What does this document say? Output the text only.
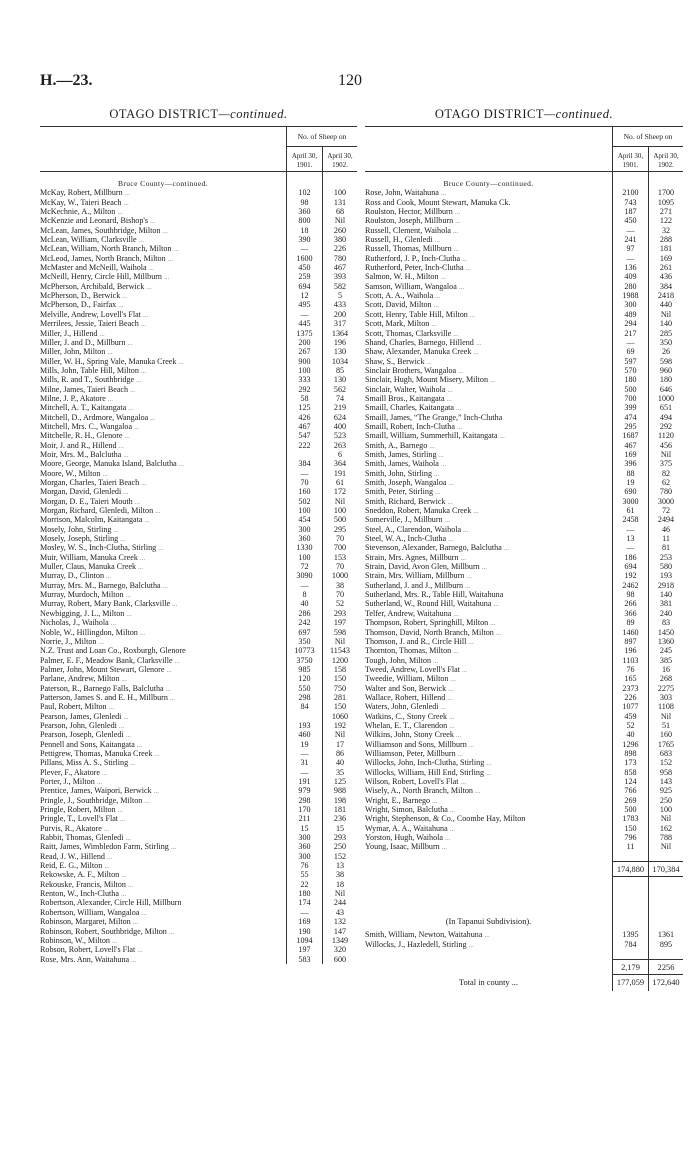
H.—23.	120
OTAGO DISTRICT—continued.
No. of Sheep on
April 30, 1901.
April 30, 1902.
Bruce County—continued.
McKay, Robert, Millburn ...
McKay, W., Taieri Beach ...
McKechnie, A., Milton ...
McKenzie and Leonard, Bishop's ...
McLean, James, Southbridge, Milton ...
McLean, William, Clarksville ...
McLean, William, North Branch, Milton ...
McLeod, James, North Branch, Milton ...
McMaster and McNeill, Waihola ...
McNeill, Henry, Circle Hill, Millburn ...
McPherson, Archibald, Berwick ...
McPherson, D., Berwick ...
McPherson, D., Fairfax ...
Melville, Andrew, Lovell's Flat ...
Merrilees, Jessie, Taieri Beach ...
Miller, J., Hillend ...
Miller, J. and D., Millburn ...
Miller, John, Milton ...
Miller, W. H., Spring Vale, Manuka Creek ...
Mills, John, Table Hill, Milton ...
Mills, R. and T., Southbridge ...
Milne, James, Taieri Beach ...
Milne, J. P., Akatore ...
Mitchell, A. T., Kaitangata ...
Mitchell, D., Ardmore, Wangaloa ...
Mitchell, Mrs. C., Wangaloa ...
Mitchelle, R. H., Glenore ...
Moir, J. and R., Hillend ...
Moir, Mrs. M., Balclutha ...
Moore, George, Manuka Island, Balclutha ...
Moore, W., Milton ...
Morgan, Charles, Taieri Beach ...
Morgan, David, Glenledi ...
Morgan, D. E., Taieri Mouth ...
Morgan, Richard, Glenledi, Milton ...
Morrison, Malcolm, Kaitangata ...
Mosely, John, Stirling ...
Mosely, Joseph, Stirling ...
Mosley, W. S., Inch-Clutha, Stirling ...
Muir, William, Manuka Creek ...
Muller, Claus, Manuka Creek ...
Murray, D., Clinton ...
Murray, Mrs. M., Barnego, Balclutha ...
Murray, Murdoch, Milton ...
Murray, Robert, Mary Bank, Clarksville ...
Newbigging, J. L., Milton ...
Nicholas, J., Waihola ...
Noble, W., Hillingdon, Milton ...
Norrie, J., Milton ...
N.Z. Trust and Loan Co., Roxburgh, Glenore
Palmer, E. F., Meadow Bank, Clarksville ...
Palmer, John, Mount Stewart, Glenore ...
Parlane, Andrew, Milton ...
Paterson, R., Barnego Falls, Balclutha ...
Patterson, James S. and E. H., Millburn ...
Paul, Robert, Milton ...
Pearson, James, Glenledi ...
Pearson, John, Glenledi ...
Pearson, Joseph, Glenledi ...
Pennell and Sons, Kaitangata ...
Pettigrew, Thomas, Manuka Creek ...
Pillans, Miss A. S., Stirling ...
Plever, F., Akatore ...
Porter, J., Milton ...
Prentice, James, Waipori, Berwick ...
Pringle, J., Southbridge, Milton ...
Pringle, Robert, Milton ...
Pringle, T., Lovell's Flat ...
Purvis, R., Akatore ...
Rabbit, Thomas, Glenledi ...
Raitt, James, Wimbledon Farm, Stirling ...
Read, J. W., Hillend ...
Reid, E. G., Milton ...
Rekowske, A. F., Milton ...
Rekouske, Francis, Milton ...
Renton, W., Inch-Clutha ...
Robertson, Alexander, Circle Hill, Millburn
Robertson, William, Wangaloa ...
Robinson, Margaret, Milton ...
Robinson, Robert, Southbridge, Milton ...
Robinson, W., Milton ...
Robson, Robert, Lovell's Flat ...
Rose, Mrs. Ann, Waitahuna ...
102
98
360
800
18
390
—
1600
450
259
694
12
495
—
445
1375
200
267
900
100
333
292
58
125
426
467
547
222
384
—
70
160
502
100
454
300
360
1330
100
72
3090
—
8
40
286
242
697
350
10773
3750
985
120
550
298
84
193
460
19
—
31
—
191
979
298
170
211
15
300
360
300
76
55
22
180
174
—
169
190
1094
197
583
100
131
68
Nil
260
380
226
780
467
393
582
5
433
200
317
1364
196
130
1034
85
130
562
74
219
624
400
523
263
6
364
191
61
172
Nil
100
500
295
70
700
153
70
1000
38
70
52
293
197
598
Nil
11543
1200
158
150
750
281
150
1060
192
Nil
17
86
40
35
125
988
198
181
236
15
293
250
152
13
38
18
Nil
244
43
132
147
1349
320
600
OTAGO DISTRICT—continued.
No. of Sheep on
April 30, 1901.
April 30, 1902.
Bruce County—continued.
Rose, John, Waitahuna ...
Ross and Cook, Mount Stewart, Manuka Ck.
Roulston, Hector, Millburn ...
Roulston, Joseph, Millburn ...
Russell, Clement, Waihola ...
Russell, H., Glenledi ...
Russell, Thomas, Millburn ...
Rutherford, J. P., Inch-Clutha ...
Rutherford, Peter, Inch-Clutha ...
Salmon, W. H., Milton ...
Samson, William, Wangaloa ...
Scott, A. A., Waihola ...
Scott, David, Milton ...
Scott, Henry, Table Hill, Milton ...
Scott, Mark, Milton ...
Scott, Thomas, Clarksville ...
Shand, Charles, Barnego, Hillend ...
Shaw, Alexander, Manuka Creek ...
Shaw, S., Berwick ...
Sinclair Brothers, Wangaloa ...
Sinclair, Hugh, Mount Misery, Milton ...
Sinclair, Walter, Waihola ...
Smaill Bros., Kaitangata ...
Smaill, Charles, Kaitangata ...
Smaill, James, “The Grange,” Inch-Clutha
Smaill, Robert, Inch-Clutha ...
Smaill, William, Summerhill, Kaitangata ...
Smith, A., Barnego ...
Smith, James, Stirling ...
Smith, James, Waihola ...
Smith, John, Stirling ...
Smith, Joseph, Wangaloa ...
Smith, Peter, Stirling ...
Smith, Richard, Berwick ...
Sneddon, Robert, Manuka Creek ...
Somerville, J., Millburn ...
Steel, A., Clarendon, Waihola ...
Steel, W. A., Inch-Clutha ...
Stevenson, Alexander, Barnego, Balclutha ...
Strain, Mrs. Agnes, Millburn ...
Strain, David, Avon Glen, Millburn ...
Strain, Mrs. William, Millburn ...
Sutherland, J. and J., Millburn ...
Sutherland, Mrs. R., Table Hill, Waitahuna
Sutherland, W., Round Hill, Waitahuna ...
Telfer, Andrew, Waitahuna ...
Thompson, Robert, Springhill, Milton ...
Thomson, David, North Branch, Milton ...
Thomson, J. and R., Circle Hill ...
Thornton, Thomas, Milton ...
Tough, John, Milton ...
Tweed, Andrew, Lovell's Flat ...
Tweedie, William, Milton ...
Walter and Son, Berwick ...
Wallace, Robert, Hillend ...
Waters, John, Glenledi ...
Watkins, C., Stony Creek ...
Whelan, E. T., Clarendon ...
Wilkins, John, Stony Creek ...
Williamson and Sons, Millburn ...
Williamson, Peter, Millburn ...
Willocks, John, Inch-Clutha, Stirling ...
Willocks, William, Hill End, Stirling ...
Wilson, Robert, Lovell's Flat ...
Wisely, A., North Branch, Milton ...
Wright, E., Barnego ...
Wright, Simon, Balclutha ...
Wright, Stephenson, & Co., Coombe Hay, Milton
Wymar, A. A., Waitahuna ...
Yorston, Hugh, Waihola ...
Young, Isaac, Millburn ...
(In Tapanui Subdivision).
Smith, William, Newton, Waitahuna ...
Willocks, J., Hazledell, Stirling ...
Total in county ...
2100
743
187
450
—
241
97
—
136
409
280
1988
300
489
294
217
—
69
597
570
180
500
700
399
474
295
1687
467
169
396
88
19
690
3000
61
2458
—
13
—
186
694
192
2462
98
266
366
89
1460
897
196
1103
76
165
2373
226
1077
459
52
40
1296
898
173
858
124
766
269
500
1783
150
796
11
174,880
1395
784
2,179
177,059
1700
1095
271
122
32
288
181
169
261
436
384
2418
440
Nil
140
285
350
26
598
960
180
646
1000
651
494
292
1120
456
Nil
375
82
62
780
3000
72
2494
46
11
81
253
580
193
2918
140
381
240
83
1450
1360
245
385
16
268
2275
303
1108
Nil
51
160
1765
683
152
958
143
925
250
100
Nil
162
788
Nil
170,384
1361
895
2256
172,640
